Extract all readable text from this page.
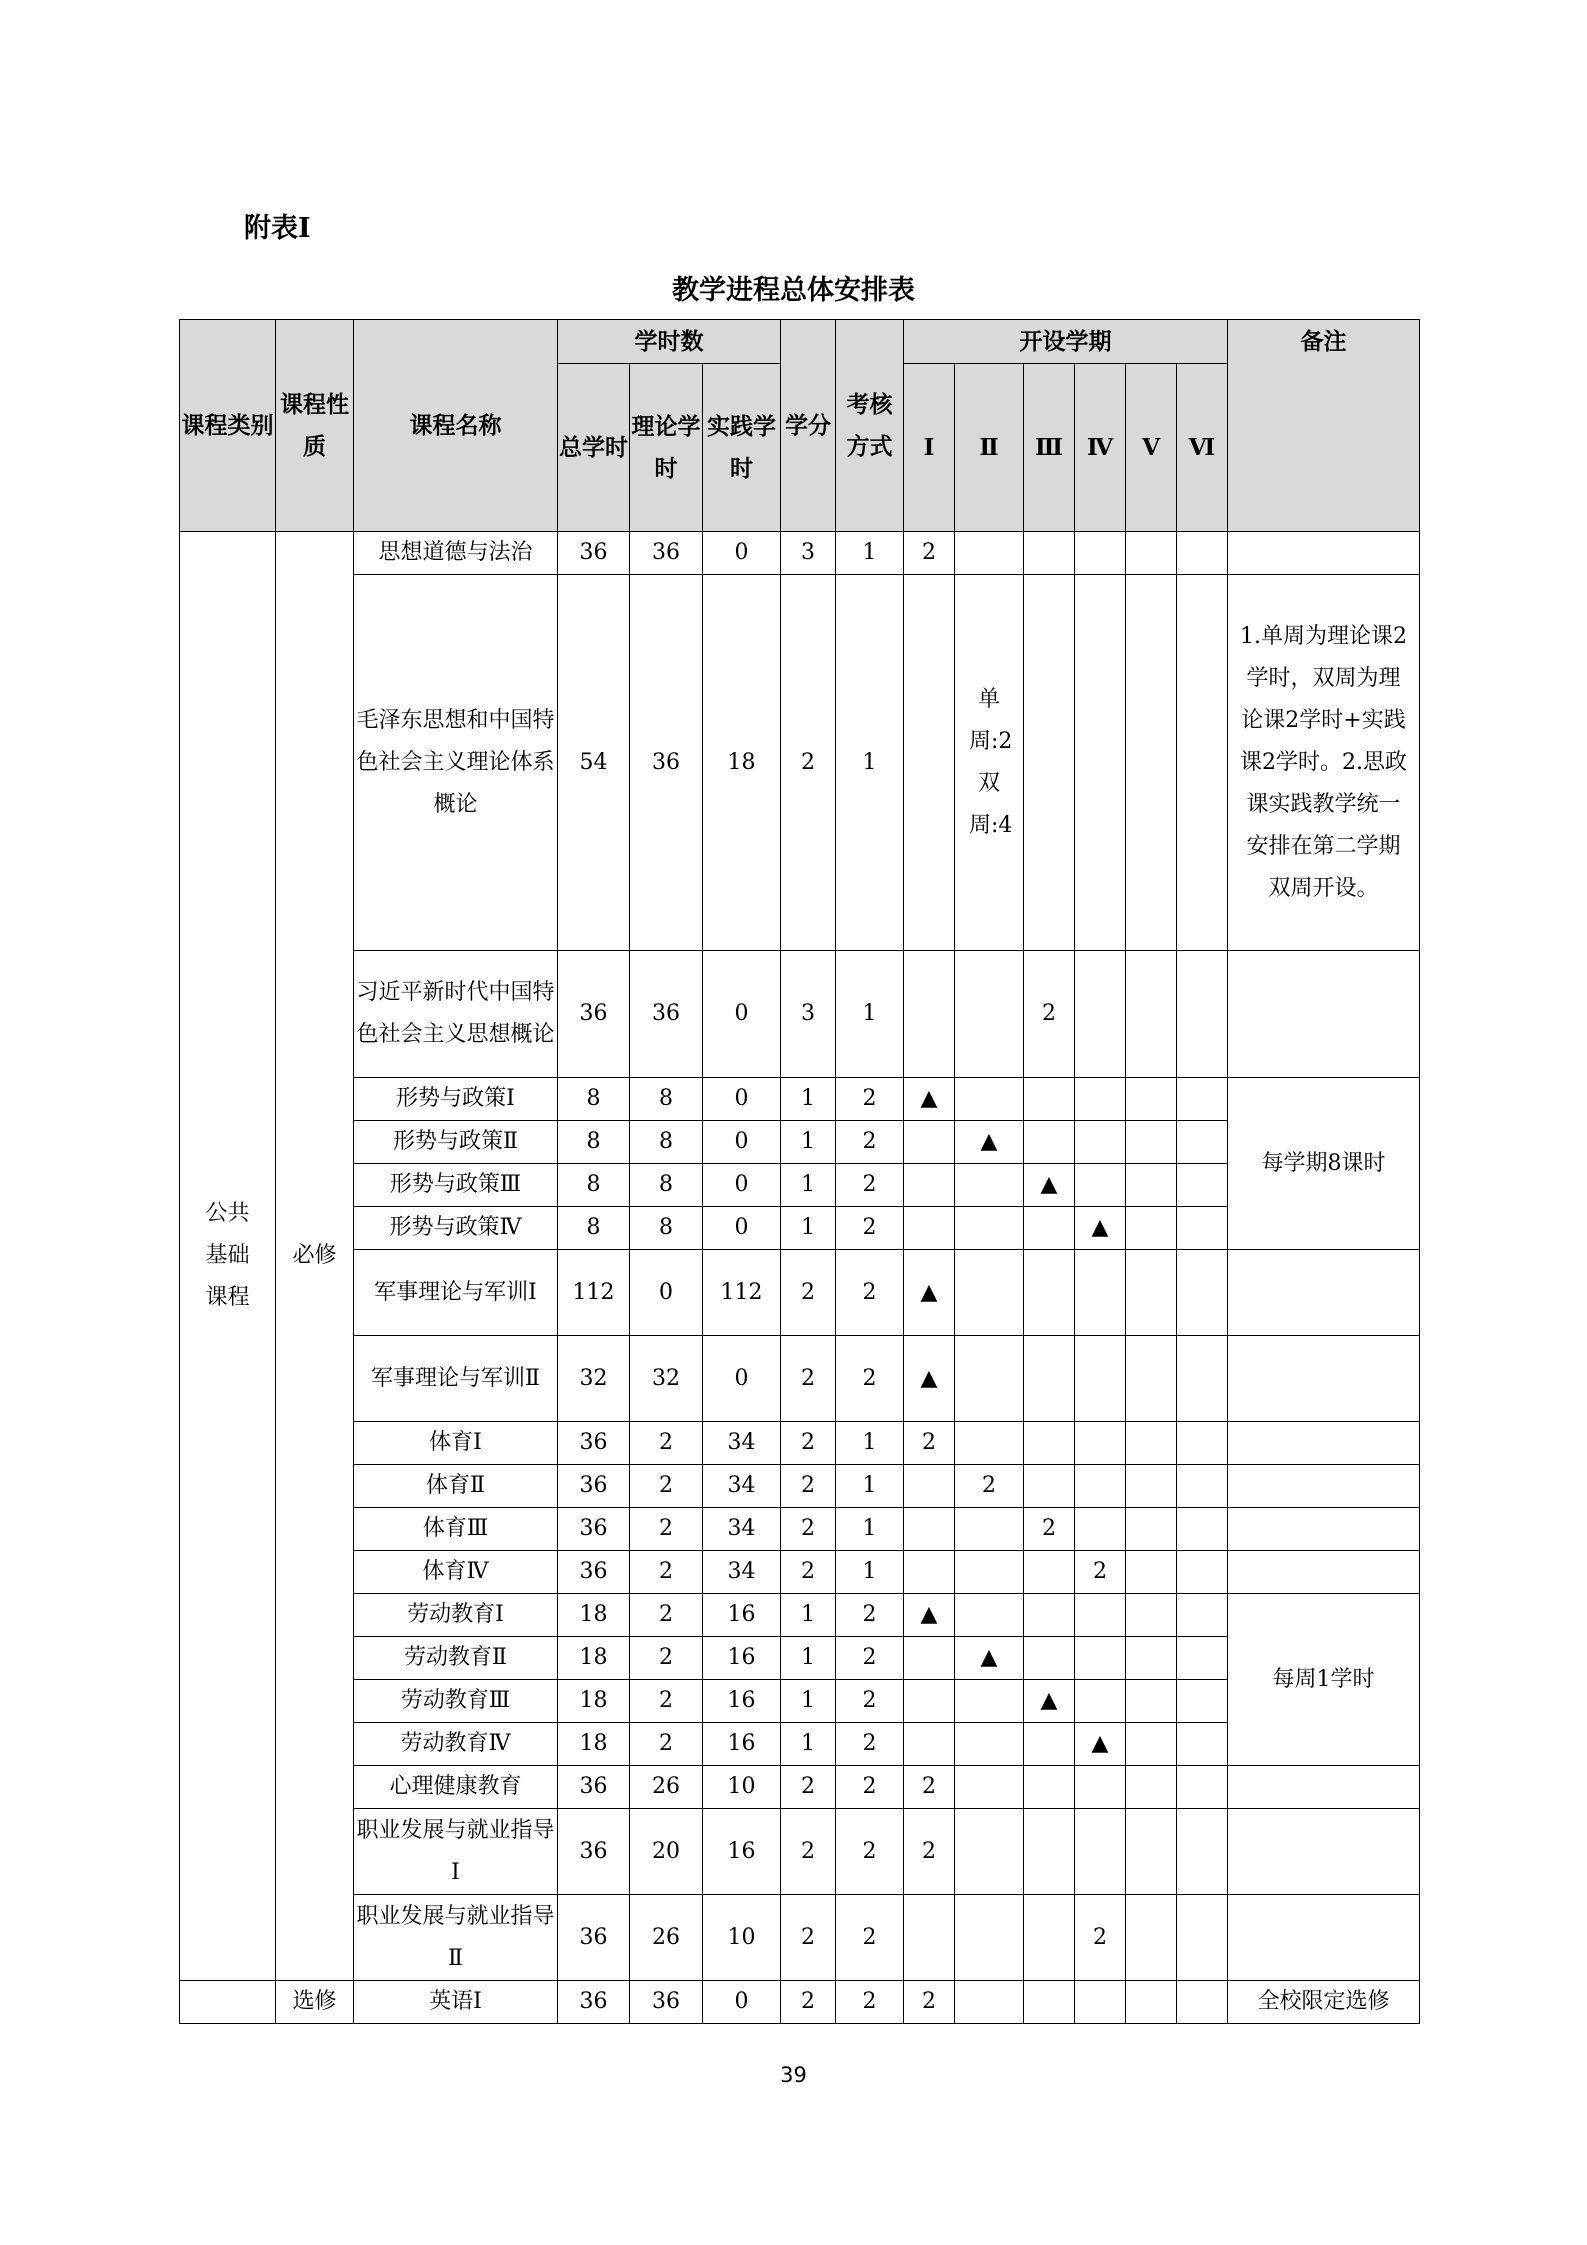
附表Ⅰ
教学进程总体安排表
课程类别	课程性质	课程名称	学时数			学分	考核方式	开设学期						备注
			总学时	理论学时	实践学时			Ⅰ	Ⅱ	Ⅲ	Ⅳ	Ⅴ	Ⅵ	
公共基础课程	必修	思想道德与法治	36	36	0	3	1	2						
		毛泽东思想和中国特色社会主义理论体系概论	54	36	18	2	1		单周:2双周:4					1.单周为理论课2学时，双周为理论课2学时+实践课2学时。2.思政课实践教学统一安排在第二学期双周开设。
		习近平新时代中国特色社会主义思想概论	36	36	0	3	1			2				
		形势与政策Ⅰ	8	8	0	1	2	▲						每学期8课时
		形势与政策Ⅱ	8	8	0	1	2		▲					
		形势与政策Ⅲ	8	8	0	1	2			▲				
		形势与政策Ⅳ	8	8	0	1	2				▲			
		军事理论与军训Ⅰ	112	0	112	2	2	▲						
		军事理论与军训Ⅱ	32	32	0	2	2	▲						
		体育Ⅰ	36	2	34	2	1	2						
		体育Ⅱ	36	2	34	2	1		2					
		体育Ⅲ	36	2	34	2	1			2				
		体育Ⅳ	36	2	34	2	1				2			
		劳动教育Ⅰ	18	2	16	1	2	▲						每周1学时
		劳动教育Ⅱ	18	2	16	1	2		▲					
		劳动教育Ⅲ	18	2	16	1	2			▲				
		劳动教育Ⅳ	18	2	16	1	2				▲			
		心理健康教育	36	26	10	2	2	2						
		职业发展与就业指导Ⅰ	36	20	16	2	2	2						
		职业发展与就业指导Ⅱ	36	26	10	2	2				2			
	选修	英语Ⅰ	36	36	0	2	2	2						全校限定选修
39
